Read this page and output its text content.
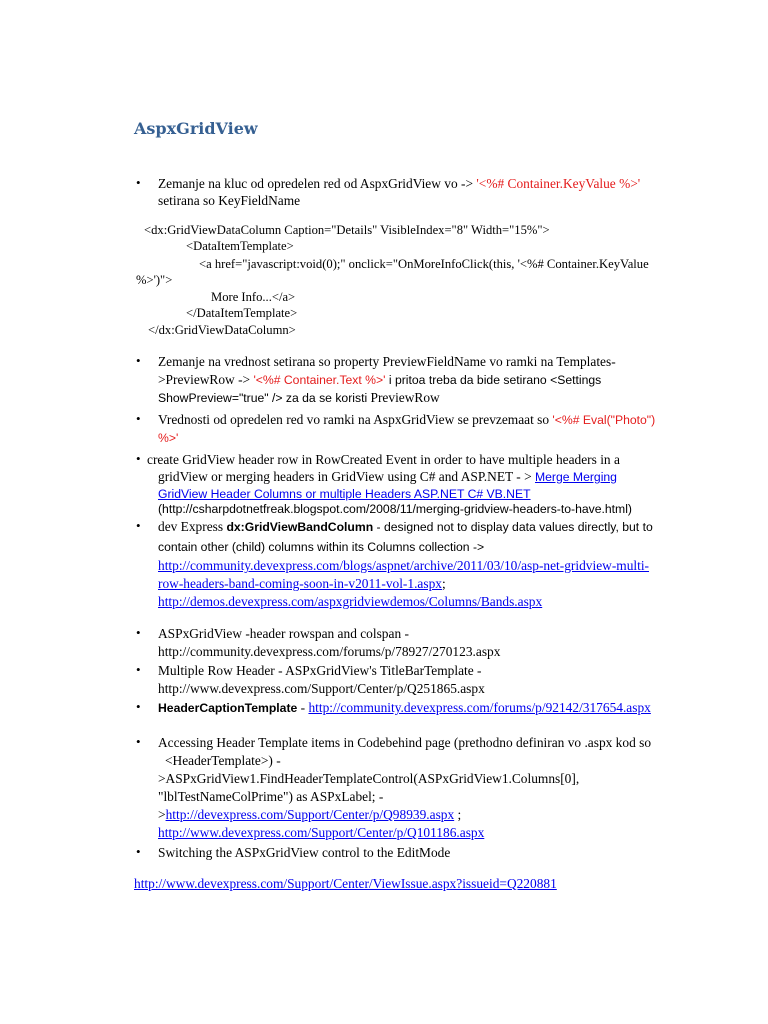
AspxGridView
• Zemanje na kluc od opredelen red od AspxGridView vo -> '<%# Container.KeyValue %>'
setirana so KeyFieldName
<dx:GridViewDataColumn Caption="Details" VisibleIndex="8" Width="15%">
<DataItemTemplate>
<a href="javascript:void(0);" onclick="OnMoreInfoClick(this, '<%# Container.KeyValue
%>')">
More Info...</a>
</DataItemTemplate>
</dx:GridViewDataColumn>
• Zemanje na vrednost setirana so property PreviewFieldName vo ramki na Templates-
>PreviewRow -> '<%# Container.Text %>' i pritoa treba da bide setirano <Settings
ShowPreview="true" /> za da se koristi PreviewRow
• Vrednosti od opredelen red vo ramki na AspxGridView se prevzemaat so '<%# Eval("Photo")
%>'
• create GridView header row in RowCreated Event in order to have multiple headers in a
gridView or merging headers in GridView using C# and ASP.NET - > Merge Merging
GridView Header Columns or multiple Headers ASP.NET C# VB.NET
(http://csharpdotnetfreak.blogspot.com/2008/11/merging-gridview-headers-to-have.html)
• dev Express dx:GridViewBandColumn - designed not to display data values directly, but to
contain other (child) columns within its Columns collection ->
http://community.devexpress.com/blogs/aspnet/archive/2011/03/10/asp-net-gridview-multi-
row-headers-band-coming-soon-in-v2011-vol-1.aspx;
http://demos.devexpress.com/aspxgridviewdemos/Columns/Bands.aspx
• ASPxGridView -header rowspan and colspan -
http://community.devexpress.com/forums/p/78927/270123.aspx
• Multiple Row Header - ASPxGridView's TitleBarTemplate -
http://www.devexpress.com/Support/Center/p/Q251865.aspx
• HeaderCaptionTemplate - http://community.devexpress.com/forums/p/92142/317654.aspx
• Accessing Header Template items in Codebehind page (prethodno definiran vo .aspx kod so
<HeaderTemplate>) -
>ASPxGridView1.FindHeaderTemplateControl(ASPxGridView1.Columns[0],
"lblTestNameColPrime") as ASPxLabel; -
>http://devexpress.com/Support/Center/p/Q98939.aspx ;
http://www.devexpress.com/Support/Center/p/Q101186.aspx
• Switching the ASPxGridView control to the EditMode
http://www.devexpress.com/Support/Center/ViewIssue.aspx?issueid=Q220881
